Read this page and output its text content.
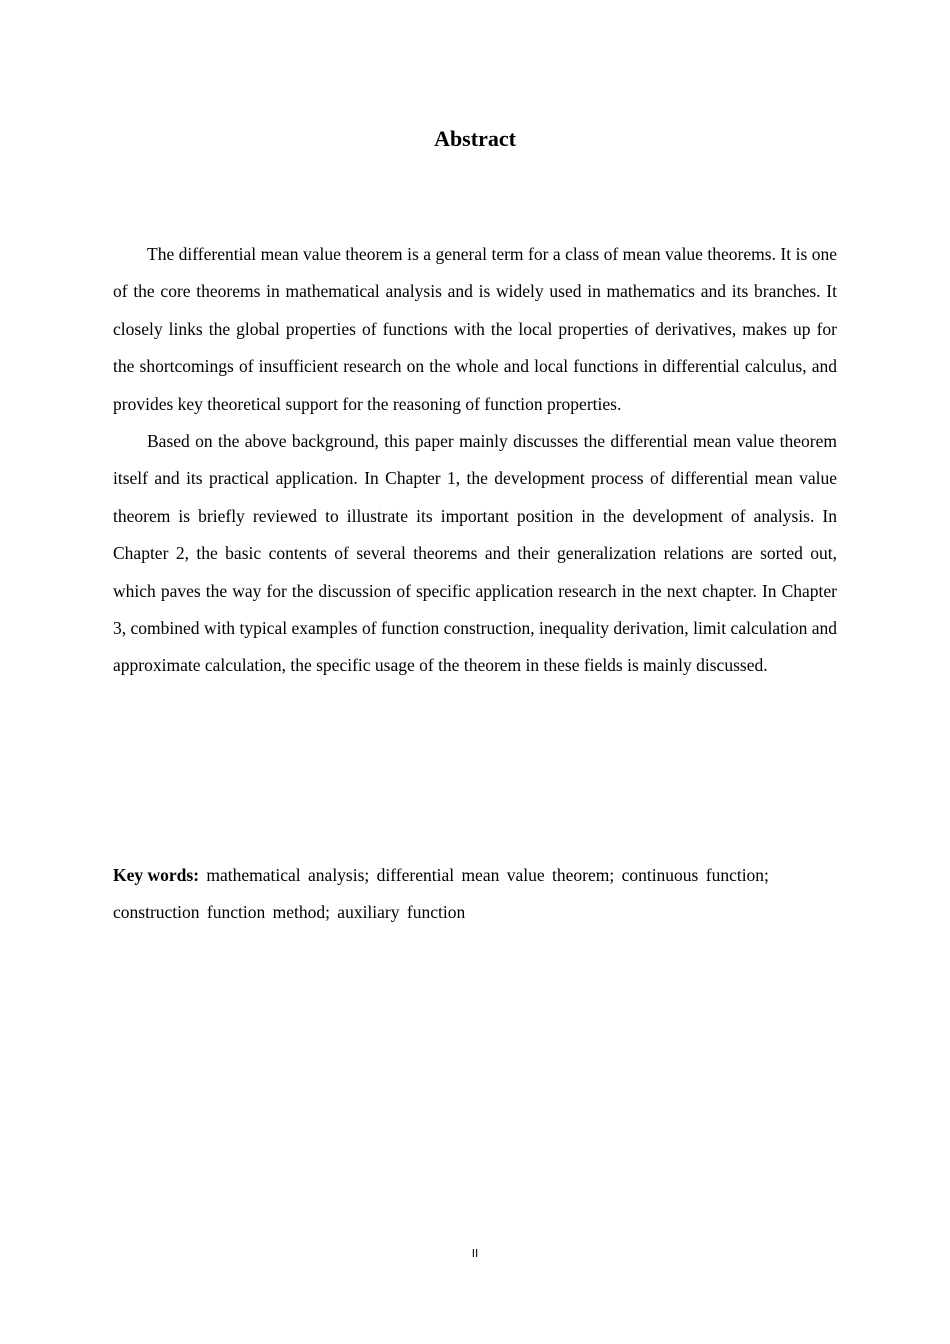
Abstract

The differential mean value theorem is a general term for a class of mean value theorems. It is one of the core theorems in mathematical analysis and is widely used in mathematics and its branches. It closely links the global properties of functions with the local properties of derivatives, makes up for the shortcomings of insufficient research on the whole and local functions in differential calculus, and provides key theoretical support for the reasoning of function properties.

Based on the above background, this paper mainly discusses the differential mean value theorem itself and its practical application. In Chapter 1, the development process of differential mean value theorem is briefly reviewed to illustrate its important position in the development of analysis. In Chapter 2, the basic contents of several theorems and their generalization relations are sorted out, which paves the way for the discussion of specific application research in the next chapter. In Chapter 3, combined with typical examples of function construction, inequality derivation, limit calculation and approximate calculation, the specific usage of the theorem in these fields is mainly discussed.

Key words: mathematical analysis; differential mean value theorem; continuous function; construction function method; auxiliary function

II
